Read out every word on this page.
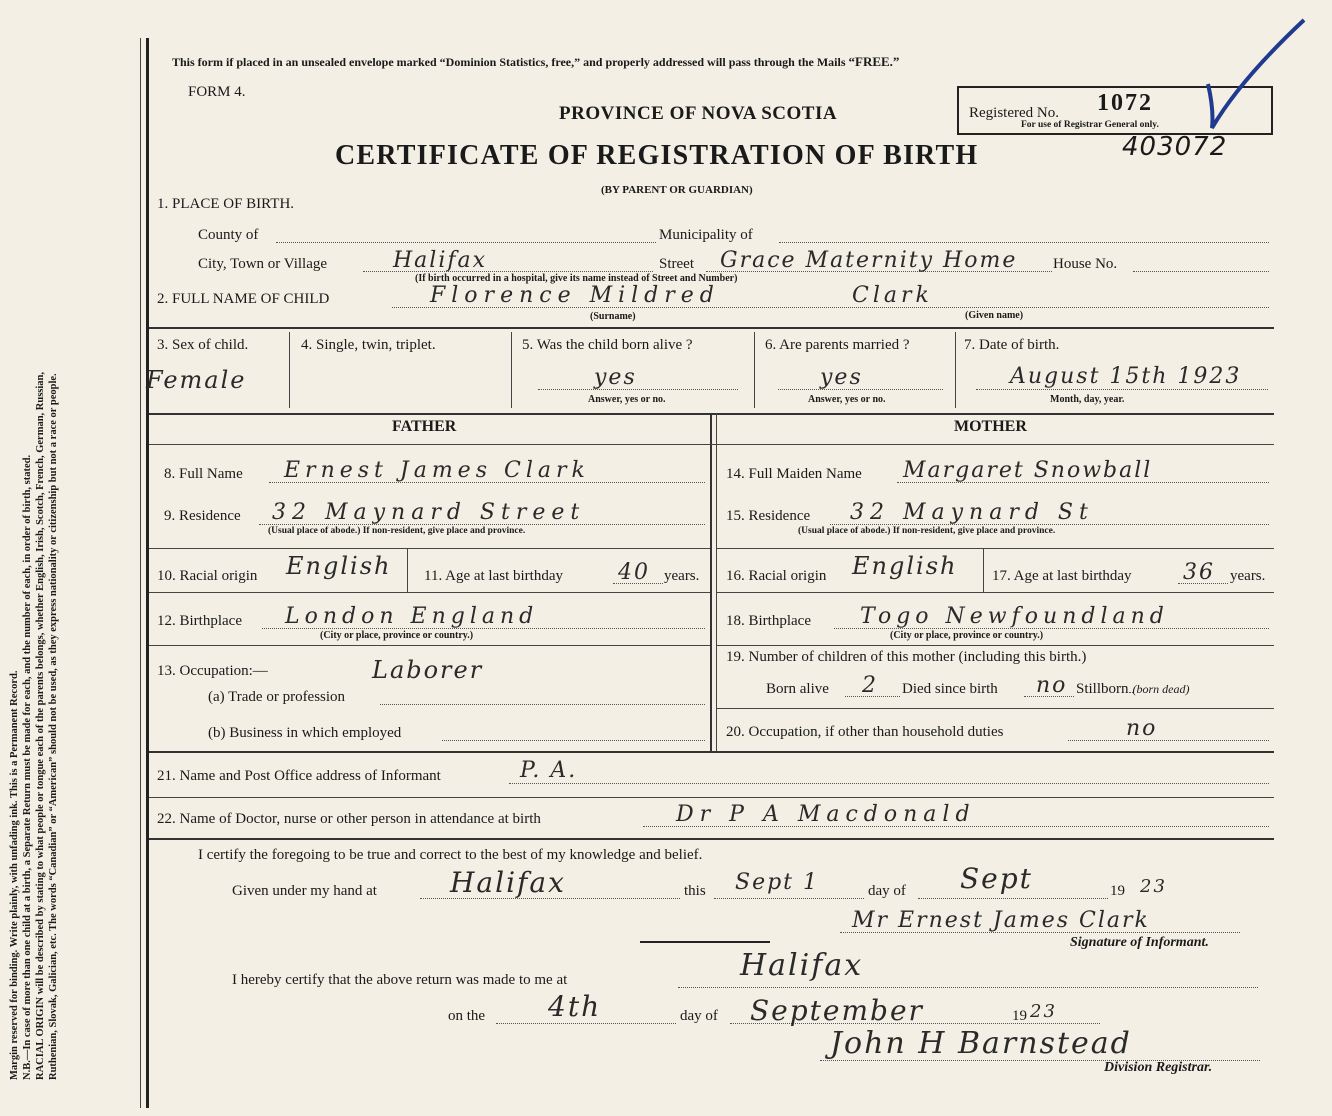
Margin reserved for binding. Write plainly, with unfading ink. This is a Permanent Record. N.B.—In case of more than one child at a birth, a Separate Return must be made for each, and the number of each, in order of birth, stated. RACIAL ORIGIN will be described by stating to what people or tongue each of the parents belongs, whether English, Irish, Scotch, French, German, Russian, Ruthenian, Slovak, Galician, etc. The words “Canadian” or “American” should not be used, as they express nationality or citizenship but not a race or people.
This form if placed in an unsealed envelope marked “Dominion Statistics, free,” and properly addressed will pass through the Mails “FREE.”
FORM 4.
PROVINCE OF NOVA SCOTIA
CERTIFICATE OF REGISTRATION OF BIRTH
(BY PARENT OR GUARDIAN)
Registered No. 1072
For use of Registrar General only.
403072
1. PLACE OF BIRTH.
County of	Municipality of
City, Town or Village	Halifax	Street Grace Maternity Home House No.
(If birth occurred in a hospital, give its name instead of Street and Number)
2. FULL NAME OF CHILD	Florence Mildred	Clark
(Surname)	(Given name)
3. Sex of child.
Female
4. Single, twin, triplet.	5. Was the child born alive ?
yes
Answer, yes or no.
6. Are parents married ?
yes
Answer, yes or no.
7. Date of birth.
August 15th 1923
Month, day, year.
FATHER	MOTHER
8. Full Name Ernest James Clark
9. Residence 32 Maynard Street
(Usual place of abode.) If non-resident, give place and province.
10. Racial origin English 11. Age at last birthday	40 years.
12. Birthplace London England
(City or place, province or country.)
13. Occupation:—	Laborer
(a) Trade or profession
(b) Business in which employed
14. Full Maiden Name Margaret Snowball
15. Residence 32 Maynard St
(Usual place of abode.) If non-resident, give place and province.
16. Racial origin English 17. Age at last birthday 36 years.
18. Birthplace Togo Newfoundland
(City or place, province or country.)
19. Number of children of this mother (including this birth.)
Born alive 2 Died since birth no Stillborn (born dead)
20. Occupation, if other than household duties	no
21. Name and Post Office address of Informant	P. A.
22. Name of Doctor, nurse or other person in attendance at birth	Dr P A Macdonald
I certify the foregoing to be true and correct to the best of my knowledge and belief.
Given under my hand at	Halifax	this Sept 1	day of Sept	19 23
Mr Ernest James Clark
Signature of Informant.
I hereby certify that the above return was made to me at	Halifax
on the 4th	day of September	19 23
John H Barnstead
Division Registrar.
